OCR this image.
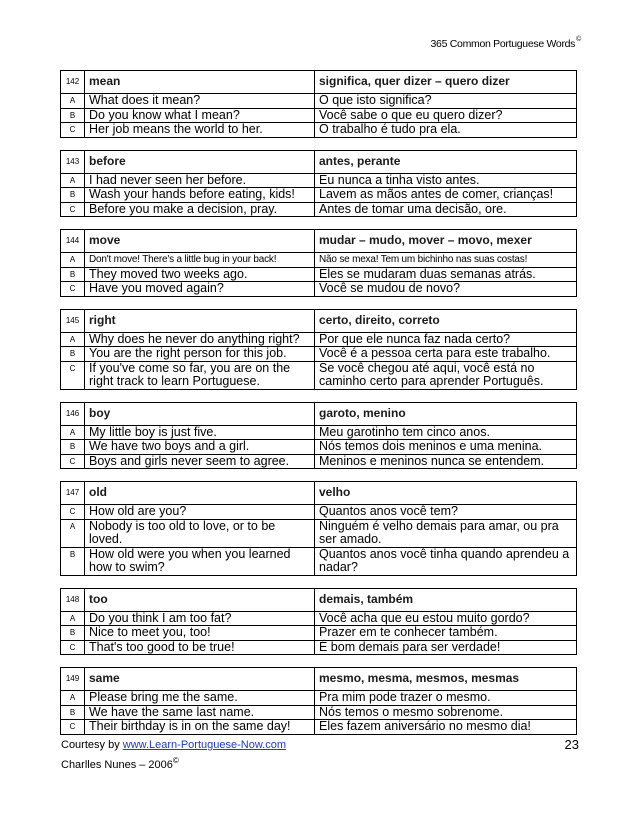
365 Common Portuguese Words©
142	mean	significa, quer dizer – quero dizer
A	What does it mean?	O que isto significa?
B	Do you know what I mean?	Você sabe o que eu quero dizer?
C	Her job means the world to her.	O trabalho é tudo pra ela.
143	before	antes, perante
A	I had never seen her before.	Eu nunca a tinha visto antes.
B	Wash your hands before eating, kids!	Lavem as mãos antes de comer, crianças!
C	Before you make a decision, pray.	Antes de tomar uma decisão, ore.
144	move	mudar – mudo, mover – movo, mexer
A	Don't move! There's a little bug in your back!	Não se mexa! Tem um bichinho nas suas costas!
B	They moved two weeks ago.	Eles se mudaram duas semanas atrás.
C	Have you moved again?	Você se mudou de novo?
145	right	certo, direito, correto
A	Why does he never do anything right?	Por que ele nunca faz nada certo?
B	You are the right person for this job.	Você é a pessoa certa para este trabalho.
C	If you've come so far, you are on the right track to learn Portuguese.	Se você chegou até aqui, você está no caminho certo para aprender Português.
146	boy	garoto, menino
A	My little boy is just five.	Meu garotinho tem cinco anos.
B	We have two boys and a girl.	Nós temos dois meninos e uma menina.
C	Boys and girls never seem to agree.	Meninos e meninos nunca se entendem.
147	old	velho
C	How old are you?	Quantos anos você tem?
A	Nobody is too old to love, or to be loved.	Ninguém é velho demais para amar, ou pra ser amado.
B	How old were you when you learned how to swim?	Quantos anos você tinha quando aprendeu a nadar?
148	too	demais, também
A	Do you think I am too fat?	Você acha que eu estou muito gordo?
B	Nice to meet you, too!	Prazer em te conhecer também.
C	That's too good to be true!	É bom demais para ser verdade!
149	same	mesmo, mesma, mesmos, mesmas
A	Please bring me the same.	Pra mim pode trazer o mesmo.
B	We have the same last name.	Nós temos o mesmo sobrenome.
C	Their birthday is in on the same day!	Eles fazem aniversário no mesmo dia!
Courtesy by www.Learn-Portuguese-Now.com
Charlles Nunes – 2006©
23
